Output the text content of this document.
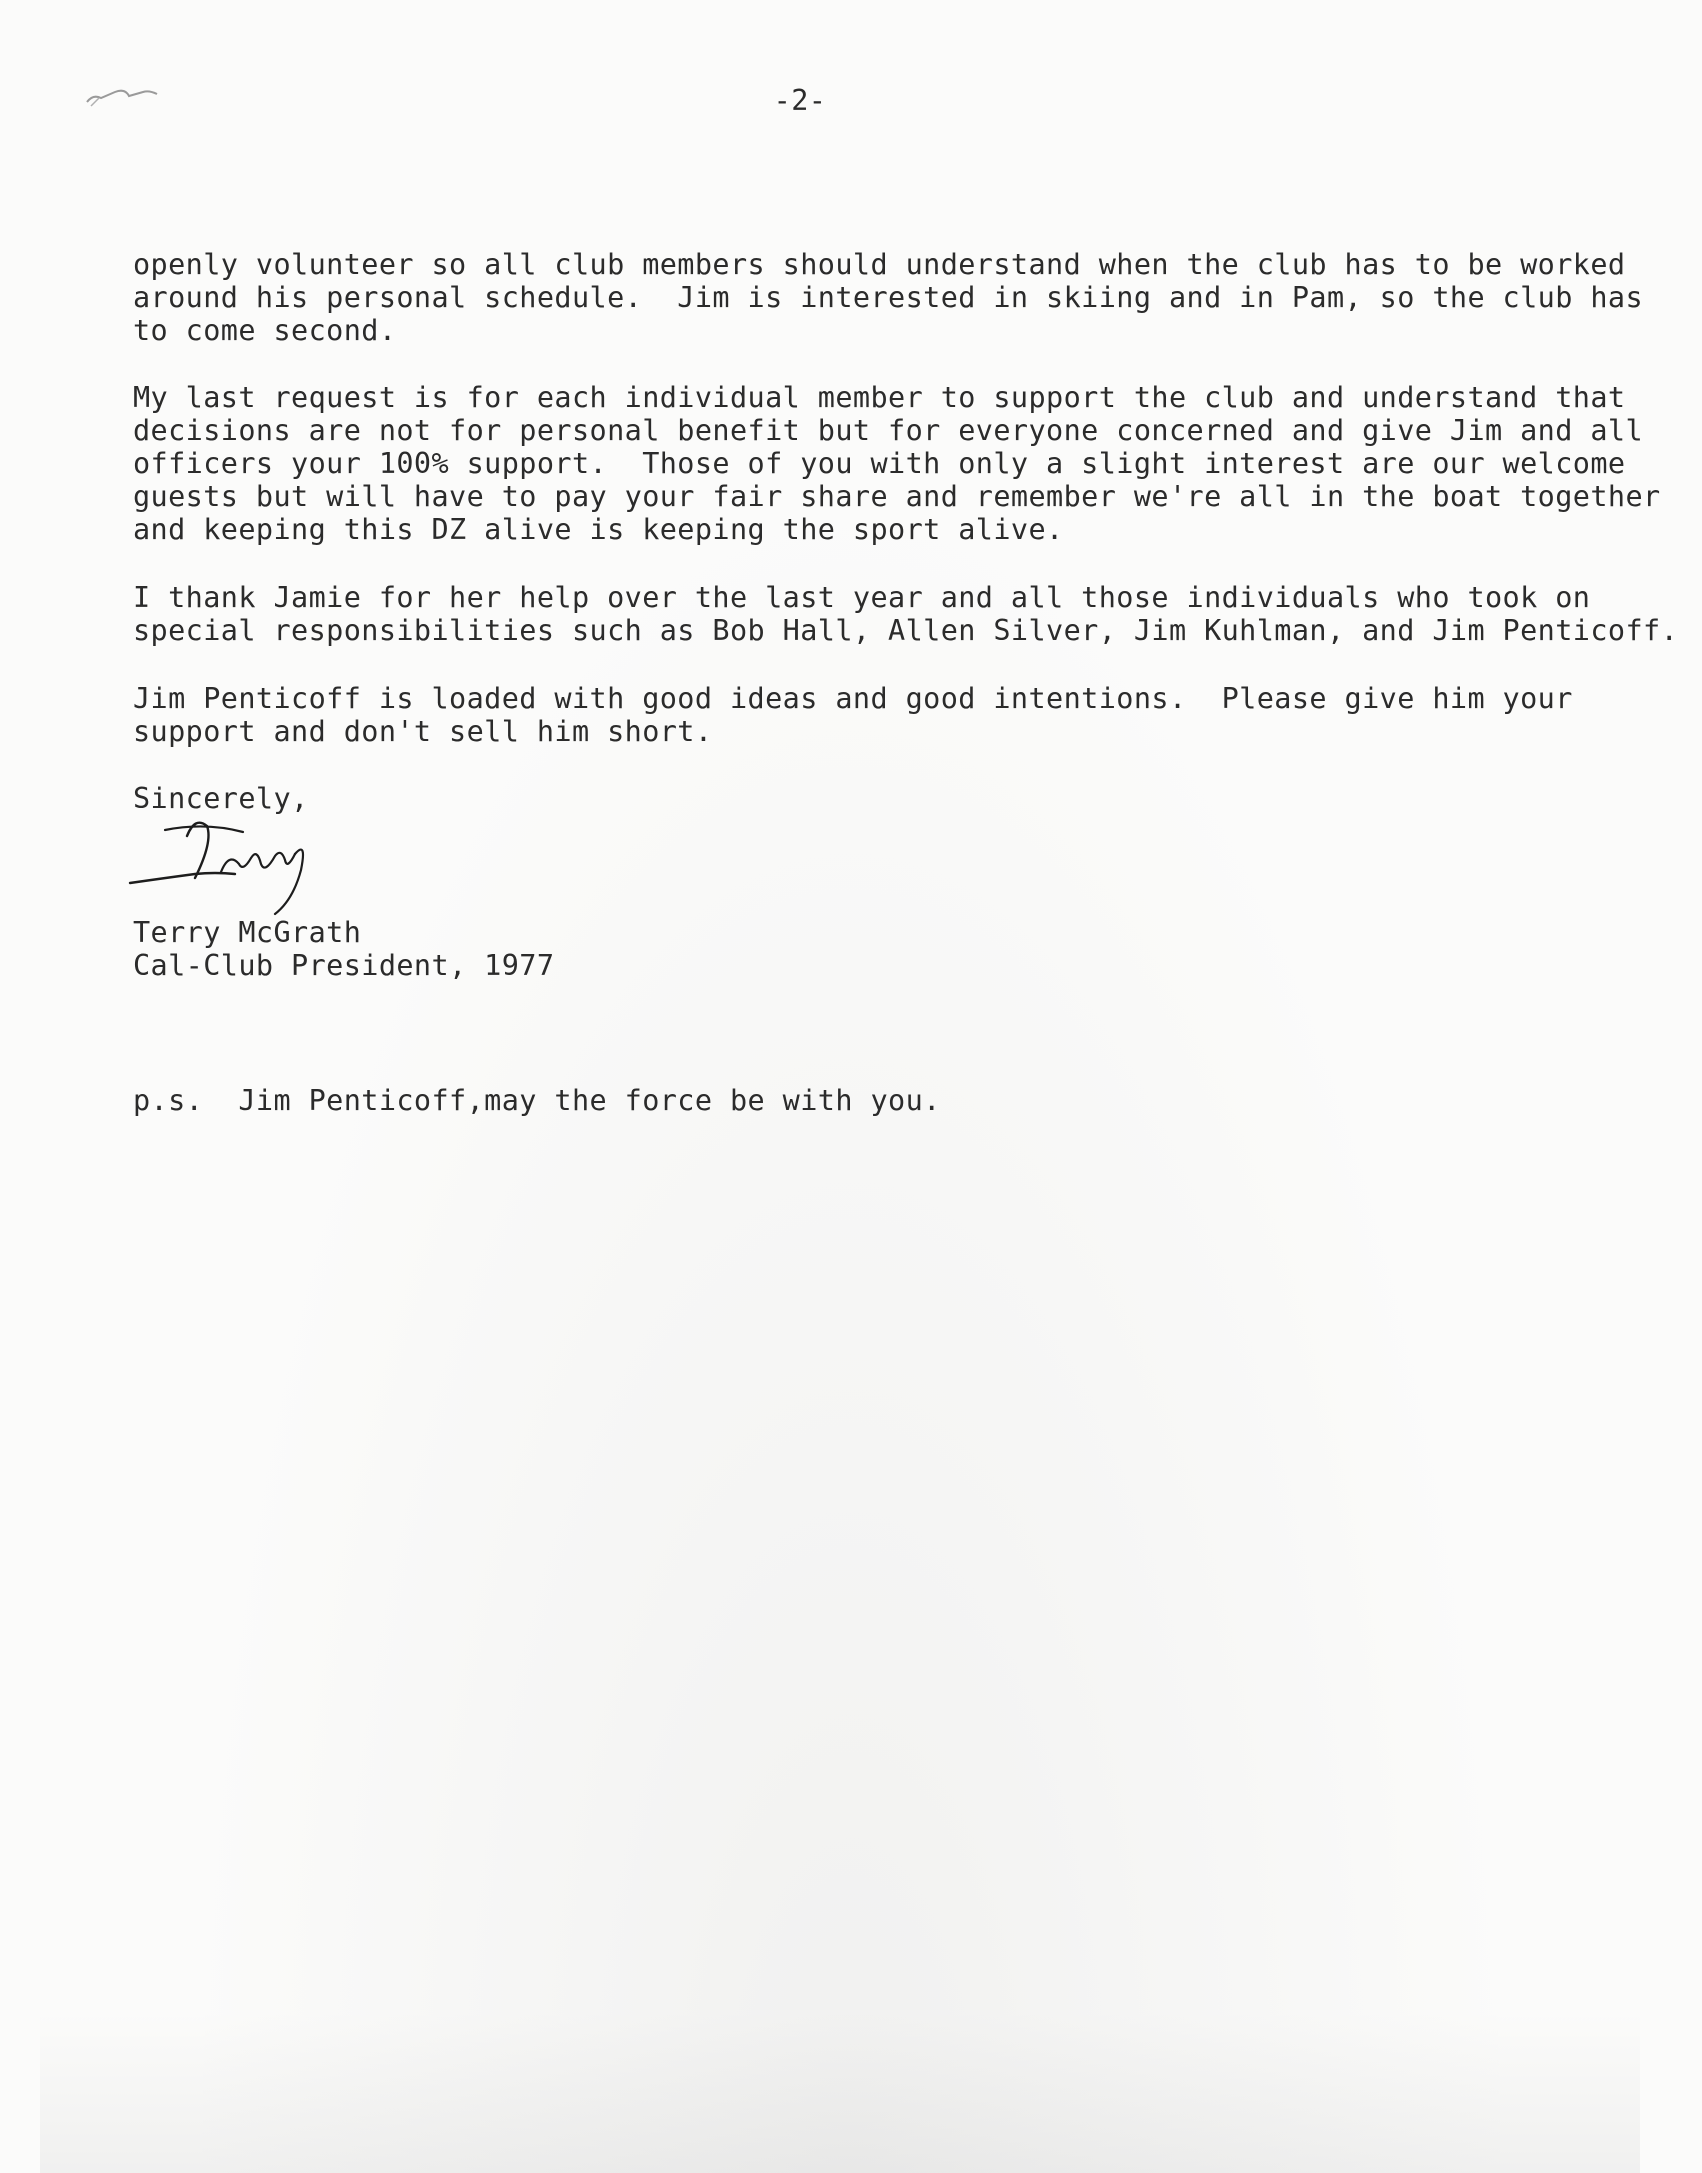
-2-

openly volunteer so all club members should understand when the club has to be worked

around his personal schedule.  Jim is interested in skiing and in Pam, so the club has

to come second.

My last request is for each individual member to support the club and understand that

decisions are not for personal benefit but for everyone concerned and give Jim and all

officers your 100% support.  Those of you with only a slight interest are our welcome

guests but will have to pay your fair share and remember we're all in the boat together

and keeping this DZ alive is keeping the sport alive.

I thank Jamie for her help over the last year and all those individuals who took on

special responsibilities such as Bob Hall, Allen Silver, Jim Kuhlman, and Jim Penticoff.

Jim Penticoff is loaded with good ideas and good intentions.  Please give him your

support and don't sell him short.

Sincerely,

Terry McGrath

Cal-Club President, 1977

p.s.  Jim Penticoff,may the force be with you.
